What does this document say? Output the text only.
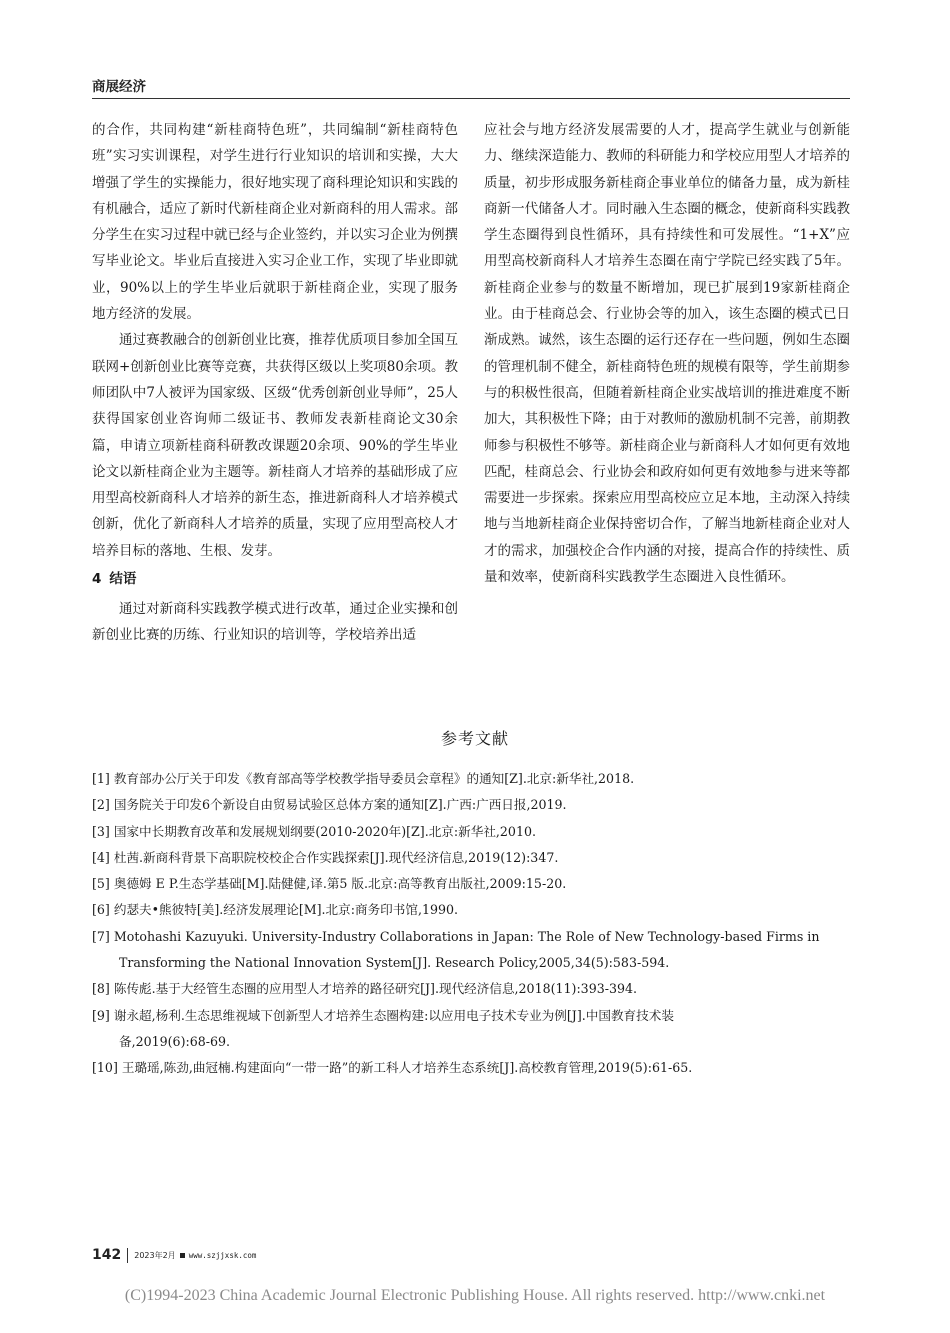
商展经济

的合作，共同构建“新桂商特色班”，共同编制“新桂商特色班”实习实训课程，对学生进行行业知识的培训和实操，大大增强了学生的实操能力，很好地实现了商科理论知识和实践的有机融合，适应了新时代新桂商企业对新商科的用人需求。部分学生在实习过程中就已经与企业签约，并以实习企业为例撰写毕业论文。毕业后直接进入实习企业工作，实现了毕业即就业，90%以上的学生毕业后就职于新桂商企业，实现了服务地方经济的发展。

通过赛教融合的创新创业比赛，推荐优质项目参加全国互联网+创新创业比赛等竞赛，共获得区级以上奖项80余项。教师团队中7人被评为国家级、区级“优秀创新创业导师”，25人获得国家创业咨询师二级证书、教师发表新桂商论文30余篇，申请立项新桂商科研教改课题20余项、90%的学生毕业论文以新桂商企业为主题等。新桂商人才培养的基础形成了应用型高校新商科人才培养的新生态，推进新商科人才培养模式创新，优化了新商科人才培养的质量，实现了应用型高校人才培养目标的落地、生根、发芽。

4 结语

通过对新商科实践教学模式进行改革，通过企业实操和创新创业比赛的历练、行业知识的培训等，学校培养出适

应社会与地方经济发展需要的人才，提高学生就业与创新能力、继续深造能力、教师的科研能力和学校应用型人才培养的质量，初步形成服务新桂商企事业单位的储备力量，成为新桂商新一代储备人才。同时融入生态圈的概念，使新商科实践教学生态圈得到良性循环，具有持续性和可发展性。“1+X”应用型高校新商科人才培养生态圈在南宁学院已经实践了5年。新桂商企业参与的数量不断增加，现已扩展到19家新桂商企业。由于桂商总会、行业协会等的加入，该生态圈的模式已日渐成熟。诚然，该生态圈的运行还存在一些问题，例如生态圈的管理机制不健全，新桂商特色班的规模有限等，学生前期参与的积极性很高，但随着新桂商企业实战培训的推进难度不断加大，其积极性下降；由于对教师的激励机制不完善，前期教师参与积极性不够等。新桂商企业与新商科人才如何更有效地匹配，桂商总会、行业协会和政府如何更有效地参与进来等都需要进一步探索。探索应用型高校应立足本地，主动深入持续地与当地新桂商企业保持密切合作，了解当地新桂商企业对人才的需求，加强校企合作内涵的对接，提高合作的持续性、质量和效率，使新商科实践教学生态圈进入良性循环。

参考文献
[1] 教育部办公厅关于印发《教育部高等学校教学指导委员会章程》的通知[Z].北京:新华社,2018.
[2] 国务院关于印发6个新设自由贸易试验区总体方案的通知[Z].广西:广西日报,2019.
[3] 国家中长期教育改革和发展规划纲要(2010-2020年)[Z].北京:新华社,2010.
[4] 杜茜.新商科背景下高职院校校企合作实践探索[J].现代经济信息,2019(12):347.
[5] 奥德姆 E P.生态学基础[M].陆健健,译.第5 版.北京:高等教育出版社,2009:15-20.
[6] 约瑟夫•熊彼特[美].经济发展理论[M].北京:商务印书馆,1990.
[7] Motohashi Kazuyuki. University-Industry Collaborations in Japan: The Role of New Technology-based Firms in
Transforming the National Innovation System[J]. Research Policy,2005,34(5):583-594.
[8] 陈传彪.基于大经管生态圈的应用型人才培养的路径研究[J].现代经济信息,2018(11):393-394.
[9] 谢永超,杨利.生态思维视域下创新型人才培养生态圈构建:以应用电子技术专业为例[J].中国教育技术装
备,2019(6):68-69.
[10] 王璐瑶,陈劲,曲冠楠.构建面向“一带一路”的新工科人才培养生态系统[J].高校教育管理,2019(5):61-65.
142 2023年2月 www.szjjxsk.com
(C)1994-2023 China Academic Journal Electronic Publishing House. All rights reserved. http://www.cnki.net
